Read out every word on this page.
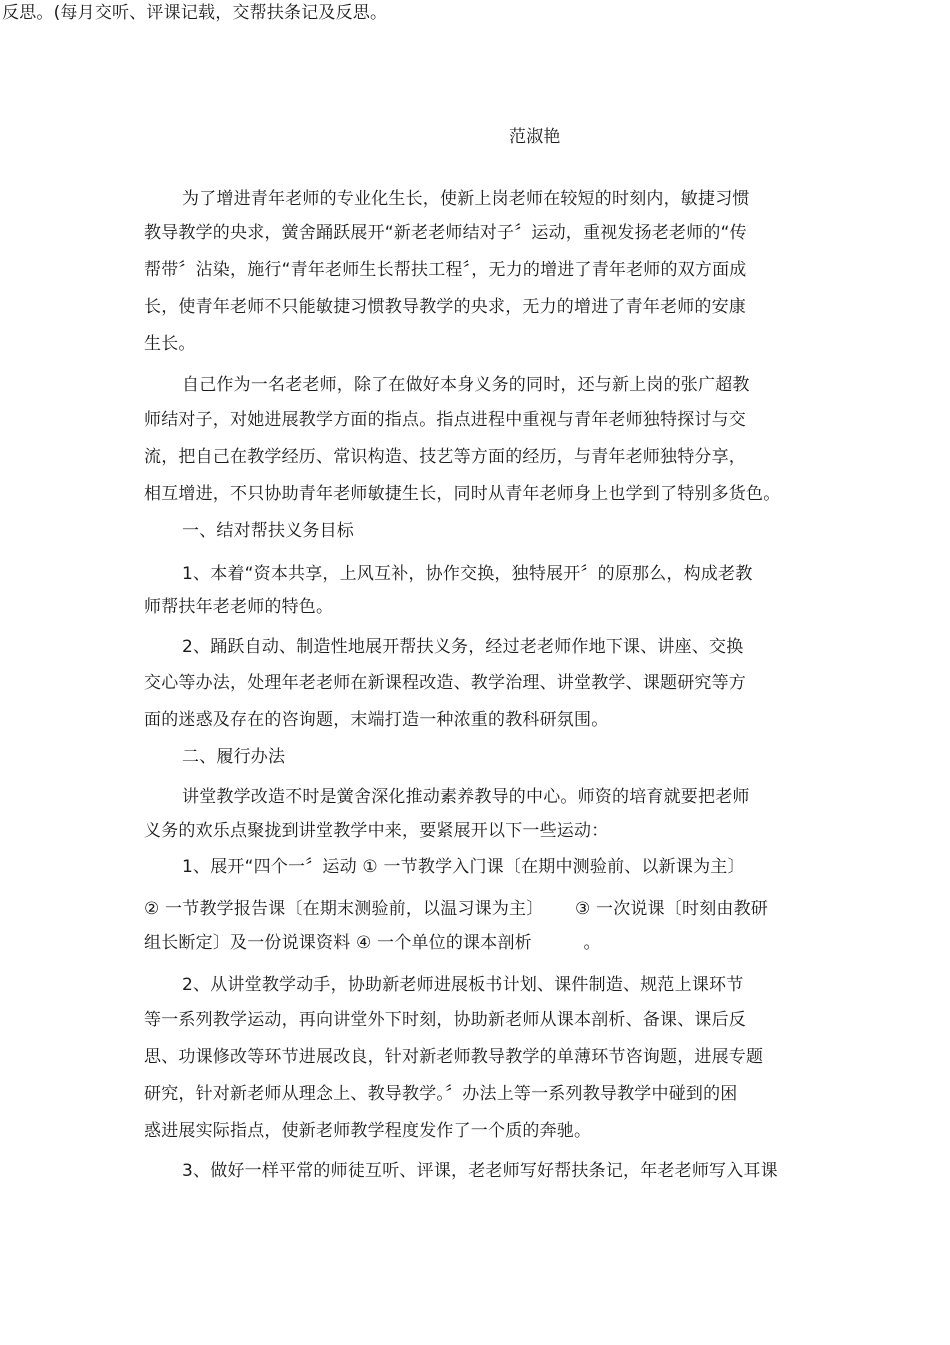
反思。(每月交听、评课记载，交帮扶条记及反思。
范淑艳
为了增进青年老师的专业化生长，使新上岗老师在较短的时刻内，敏捷习惯
教导教学的央求，黉舍踊跃展开“新老老师结对子〞运动，重视发扬老老师的“传
帮带〞沾染，施行“青年老师生长帮扶工程〞，无力的增进了青年老师的双方面成
长，使青年老师不只能敏捷习惯教导教学的央求，无力的增进了青年老师的安康
生长。
自己作为一名老老师，除了在做好本身义务的同时，还与新上岗的张广超教
师结对子，对她进展教学方面的指点。指点进程中重视与青年老师独特探讨与交
流，把自己在教学经历、常识构造、技艺等方面的经历，与青年老师独特分享，
相互增进，不只协助青年老师敏捷生长，同时从青年老师身上也学到了特别多货色。
一、结对帮扶义务目标
1、本着“资本共享，上风互补，协作交换，独特展开〞的原那么，构成老教
师帮扶年老老师的特色。
2、踊跃自动、制造性地展开帮扶义务，经过老老师作地下课、讲座、交换
交心等办法，处理年老老师在新课程改造、教学治理、讲堂教学、课题研究等方
面的迷惑及存在的咨询题，末端打造一种浓重的教科研氛围。
二、履行办法
讲堂教学改造不时是黉舍深化推动素养教导的中心。师资的培育就要把老师
义务的欢乐点聚拢到讲堂教学中来，要紧展开以下一些运动：
1、展开“四个一〞运动 ① 一节教学入门课〔在期中测验前、以新课为主〕
② 一节教学报告课〔在期末测验前，以温习课为主〕　　 ③ 一次说课〔时刻由教研
组长断定〕及一份说课资料 ④ 一个单位的课本剖析　　　。
2、从讲堂教学动手，协助新老师进展板书计划、课件制造、规范上课环节
等一系列教学运动，再向讲堂外下时刻，协助新老师从课本剖析、备课、课后反
思、功课修改等环节进展改良，针对新老师教导教学的单薄环节咨询题，进展专题
研究，针对新老师从理念上、教导教学。〞办法上等一系列教导教学中碰到的困
惑进展实际指点，使新老师教学程度发作了一个质的奔驰。
3、做好一样平常的师徒互听、评课，老老师写好帮扶条记，年老老师写入耳课
